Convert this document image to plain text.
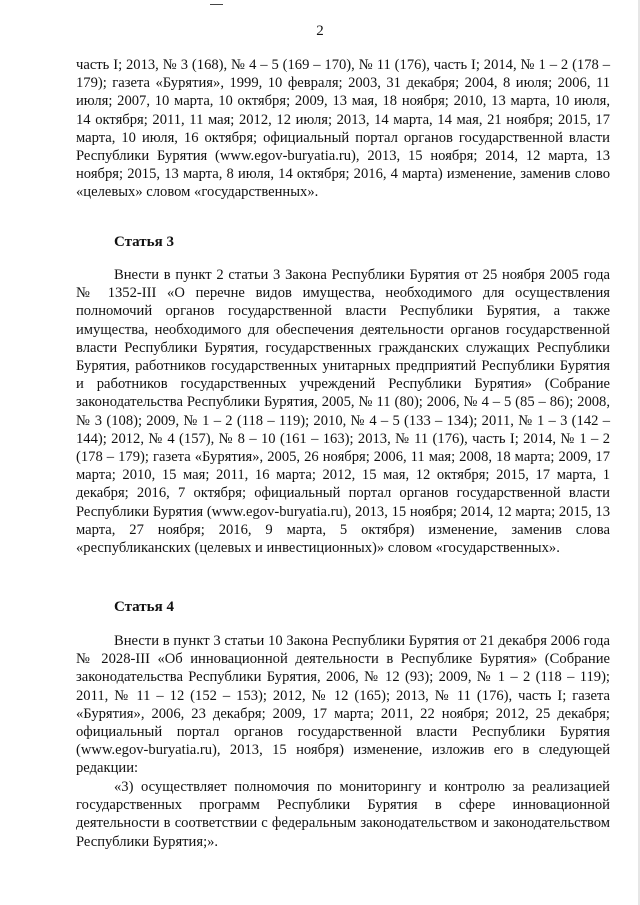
2

часть I; 2013, № 3 (168), № 4 – 5 (169 – 170), № 11 (176), часть I; 2014, № 1 – 2 (178 – 179); газета «Бурятия», 1999, 10 февраля; 2003, 31 декабря; 2004, 8 июля; 2006, 11 июля; 2007, 10 марта, 10 октября; 2009, 13 мая, 18 ноября; 2010, 13 марта, 10 июля, 14 октября; 2011, 11 мая; 2012, 12 июля; 2013, 14 марта, 14 мая, 21 ноября; 2015, 17 марта, 10 июля, 16 октября; официальный портал органов государственной власти Республики Бурятия (www.egov-buryatia.ru), 2013, 15 ноября; 2014, 12 марта, 13 ноября; 2015, 13 марта, 8 июля, 14 октября; 2016, 4 марта) изменение, заменив слово «целевых» словом «государственных».

Статья 3

Внести в пункт 2 статьи 3 Закона Республики Бурятия от 25 ноября 2005 года № 1352-III «О перечне видов имущества, необходимого для осуществления полномочий органов государственной власти Республики Бурятия, а также имущества, необходимого для обеспечения деятельности органов государственной власти Республики Бурятия, государственных гражданских служащих Республики Бурятия, работников государственных унитарных предприятий Республики Бурятия и работников государственных учреждений Республики Бурятия» (Собрание законодательства Республики Бурятия, 2005, № 11 (80); 2006, № 4 – 5 (85 – 86); 2008, № 3 (108); 2009, № 1 – 2 (118 – 119); 2010, № 4 – 5 (133 – 134); 2011, № 1 – 3 (142 – 144); 2012, № 4 (157), № 8 – 10 (161 – 163); 2013, № 11 (176), часть I; 2014, № 1 – 2 (178 – 179); газета «Бурятия», 2005, 26 ноября; 2006, 11 мая; 2008, 18 марта; 2009, 17 марта; 2010, 15 мая; 2011, 16 марта; 2012, 15 мая, 12 октября; 2015, 17 марта, 1 декабря; 2016, 7 октября; официальный портал органов государственной власти Республики Бурятия (www.egov-buryatia.ru), 2013, 15 ноября; 2014, 12 марта; 2015, 13 марта, 27 ноября; 2016, 9 марта, 5 октября) изменение, заменив слова «республиканских (целевых и инвестиционных)» словом «государственных».

Статья 4

Внести в пункт 3 статьи 10 Закона Республики Бурятия от 21 декабря 2006 года № 2028-III «Об инновационной деятельности в Республике Бурятия» (Собрание законодательства Республики Бурятия, 2006, № 12 (93); 2009, № 1 – 2 (118 – 119); 2011, № 11 – 12 (152 – 153); 2012, № 12 (165); 2013, № 11 (176), часть I; газета «Бурятия», 2006, 23 декабря; 2009, 17 марта; 2011, 22 ноября; 2012, 25 декабря; официальный портал органов государственной власти Республики Бурятия (www.egov-buryatia.ru), 2013, 15 ноября) изменение, изложив его в следующей редакции:

«3) осуществляет полномочия по мониторингу и контролю за реализацией государственных программ Республики Бурятия в сфере инновационной деятельности в соответствии с федеральным законодательством и законодательством Республики Бурятия;».
